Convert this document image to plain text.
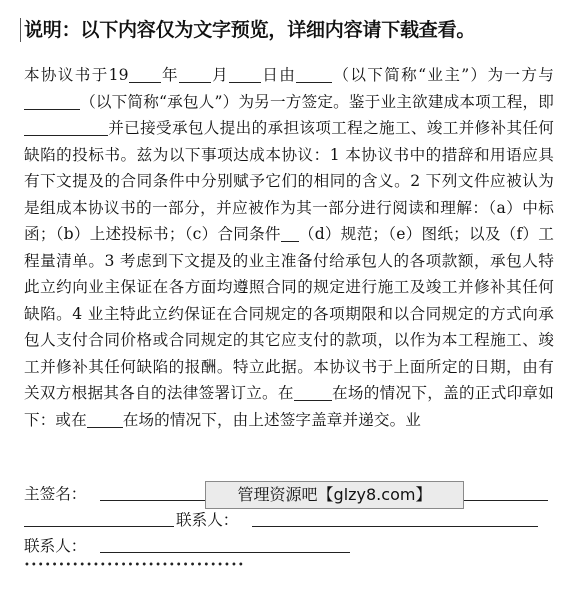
说明：以下内容仅为文字预览，详细内容请下载查看。
本协议书于19 年 月 日由 （以下简称“业主”）为一方与（以下简称“承包人”）为另一方签定。鉴于业主欲建成本项工程，即并已接受承包人提出的承担该项工程之施工、竣工并修补其任何缺陷的投标书。兹为以下事项达成本协议：1 本协议书中的措辞和用语应具有下文提及的合同条件中分别赋予它们的相同的含义。2 下列文件应被认为是组成本协议书的一部分，并应被作为其一部分进行阅读和理解：（a）中标函；（b）上述投标书；（c）合同条件 （d）规范；（e）图纸；以及（f）工程量清单。3 考虑到下文提及的业主准备付给承包人的各项款额，承包人特此立约向业主保证在各方面均遵照合同的规定进行施工及竣工并修补其任何缺陷。4 业主特此立约保证在合同规定的各项期限和以合同规定的方式向承包人支付合同价格或合同规定的其它应支付的款项，以作为本工程施工、竣工并修补其任何缺陷的报酬。特立此据。本协议书于上面所定的日期，由有关双方根据其各自的法律签署订立。在 在场的情况下，盖的正式印章如下：或在 在场的情况下，由上述签字盖章并递交。业
主签名：
联系人：
联系人：
••••••••••••••••••••••••••••••••
管理资源吧【glzy8.com】
